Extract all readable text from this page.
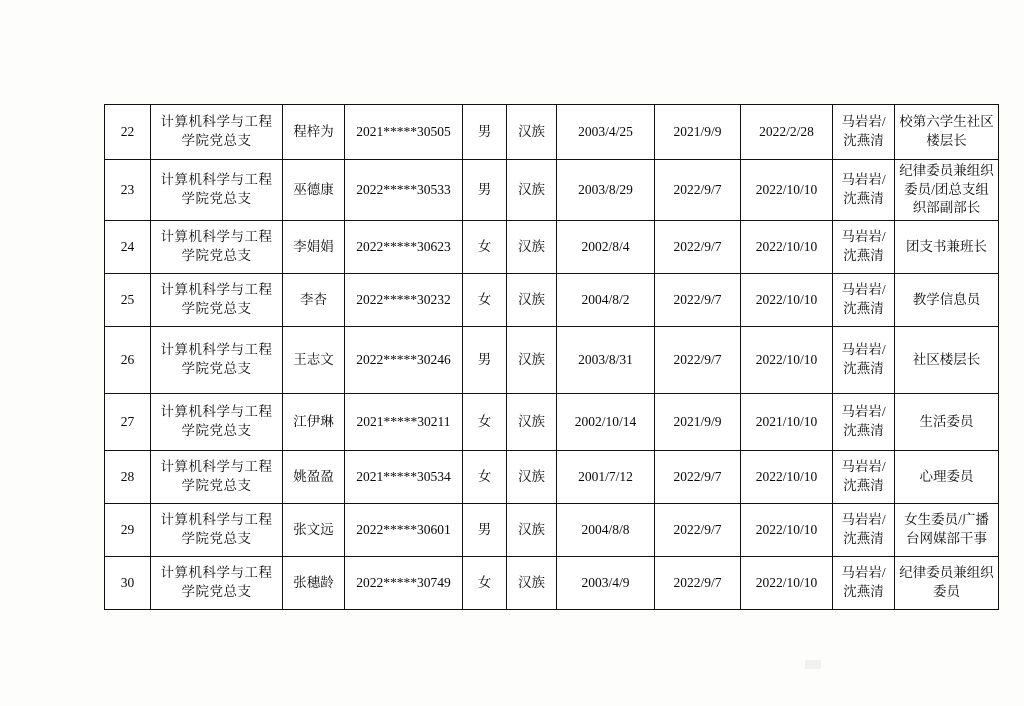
22	计算机科学与工程学院党总支	程梓为	2021*****30505	男	汉族	2003/4/25	2021/9/9	2022/2/28	马岩岩/沈燕清	校第六学生社区楼层长
23	计算机科学与工程学院党总支	巫德康	2022*****30533	男	汉族	2003/8/29	2022/9/7	2022/10/10	马岩岩/沈燕清	纪律委员兼组织委员/团总支组织部副部长
24	计算机科学与工程学院党总支	李娟娟	2022*****30623	女	汉族	2002/8/4	2022/9/7	2022/10/10	马岩岩/沈燕清	团支书兼班长
25	计算机科学与工程学院党总支	李杏	2022*****30232	女	汉族	2004/8/2	2022/9/7	2022/10/10	马岩岩/沈燕清	教学信息员
26	计算机科学与工程学院党总支	王志文	2022*****30246	男	汉族	2003/8/31	2022/9/7	2022/10/10	马岩岩/沈燕清	社区楼层长
27	计算机科学与工程学院党总支	江伊琳	2021*****30211	女	汉族	2002/10/14	2021/9/9	2021/10/10	马岩岩/沈燕清	生活委员
28	计算机科学与工程学院党总支	姚盈盈	2021*****30534	女	汉族	2001/7/12	2022/9/7	2022/10/10	马岩岩/沈燕清	心理委员
29	计算机科学与工程学院党总支	张文远	2022*****30601	男	汉族	2004/8/8	2022/9/7	2022/10/10	马岩岩/沈燕清	女生委员/广播台网媒部干事
30	计算机科学与工程学院党总支	张穗龄	2022*****30749	女	汉族	2003/4/9	2022/9/7	2022/10/10	马岩岩/沈燕清	纪律委员兼组织委员
